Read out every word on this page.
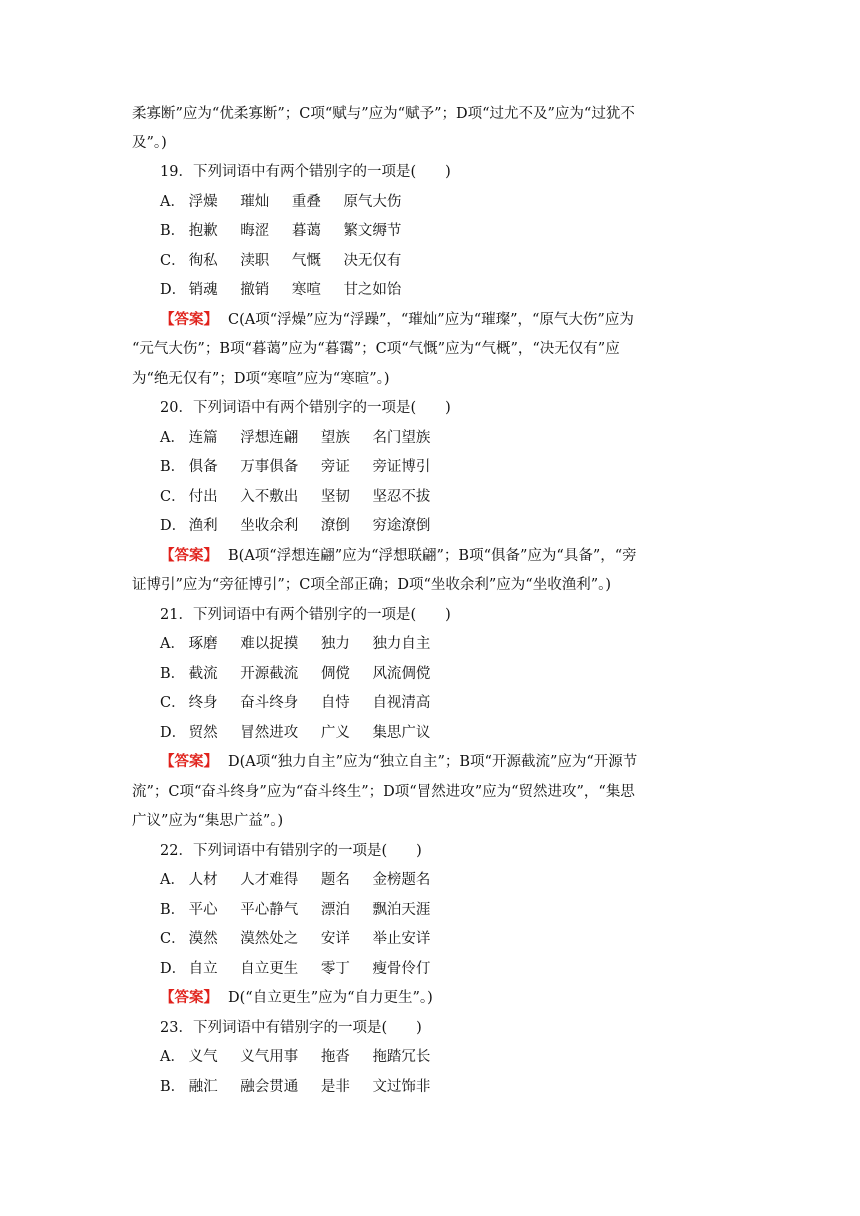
柔寡断”应为“优柔寡断”；C项“赋与”应为“赋予”；D项“过尤不及”应为“过犹不
及”。)
19．下列词语中有两个错别字的一项是(　　)
A． 浮燥 璀灿 重叠 原气大伤
B． 抱歉 晦涩 暮蔼 繁文缛节
C． 徇私 渎职 气慨 决无仅有
D． 销魂 撤销 寒喧 甘之如饴
【答案】 C(A项“浮燥”应为“浮躁”，“璀灿”应为“璀璨”，“原气大伤”应为
“元气大伤”；B项“暮蔼”应为“暮霭”；C项“气慨”应为“气概”，“决无仅有”应
为“绝无仅有”；D项“寒喧”应为“寒暄”。)
20．下列词语中有两个错别字的一项是(　　)
A． 连篇 浮想连翩 望族 名门望族
B． 俱备 万事俱备 旁证 旁证博引
C． 付出 入不敷出 坚韧 坚忍不拔
D． 渔利 坐收余利 潦倒 穷途潦倒
【答案】 B(A项“浮想连翩”应为“浮想联翩”；B项“俱备”应为“具备”，“旁
证博引”应为“旁征博引”；C项全部正确；D项“坐收余利”应为“坐收渔利”。)
21．下列词语中有两个错别字的一项是(　　)
A． 琢磨 难以捉摸 独力 独力自主
B． 截流 开源截流 倜傥 风流倜傥
C． 终身 奋斗终身 自恃 自视清高
D． 贸然 冒然进攻 广义 集思广议
【答案】 D(A项“独力自主”应为“独立自主”；B项“开源截流”应为“开源节
流”；C项“奋斗终身”应为“奋斗终生”；D项“冒然进攻”应为“贸然进攻”，“集思
广议”应为“集思广益”。)
22．下列词语中有错别字的一项是(　　)
A． 人材 人才难得 题名 金榜题名
B． 平心 平心静气 漂泊 飘泊天涯
C． 漠然 漠然处之 安详 举止安详
D． 自立 自立更生 零丁 瘦骨伶仃
【答案】 D(“自立更生”应为“自力更生”。)
23．下列词语中有错别字的一项是(　　)
A． 义气 义气用事 拖沓 拖踏冗长
B． 融汇 融会贯通 是非 文过饰非
